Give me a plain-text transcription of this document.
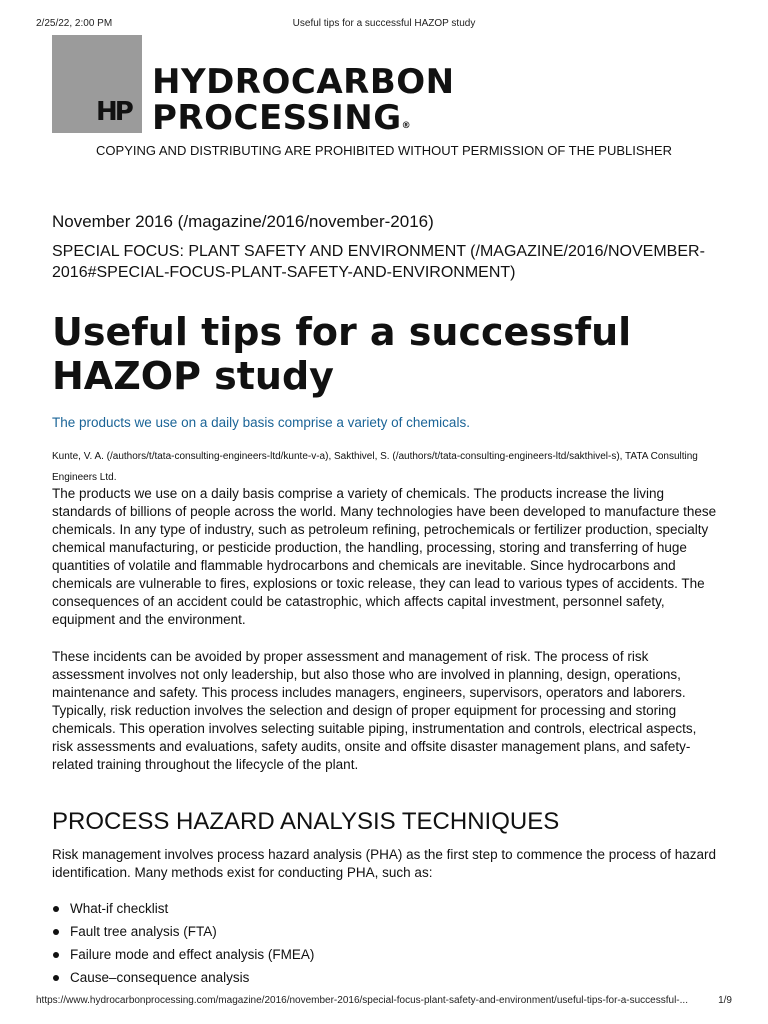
2/25/22, 2:00 PM	Useful tips for a successful HAZOP study
HP
HYDROCARBON
PROCESSING®
COPYING AND DISTRIBUTING ARE PROHIBITED WITHOUT PERMISSION OF THE PUBLISHER
November 2016 (/magazine/2016/november-2016)
SPECIAL FOCUS: PLANT SAFETY AND ENVIRONMENT (/MAGAZINE/2016/NOVEMBER-2016#SPECIAL-FOCUS-PLANT-SAFETY-AND-ENVIRONMENT)
Useful tips for a successful HAZOP study
The products we use on a daily basis comprise a variety of chemicals.
Kunte, V. A. (/authors/t/tata-consulting-engineers-ltd/kunte-v-a), Sakthivel, S. (/authors/t/tata-consulting-engineers-ltd/sakthivel-s), TATA Consulting Engineers Ltd.

The products we use on a daily basis comprise a variety of chemicals. The products increase the living standards of billions of people across the world. Many technologies have been developed to manufacture these chemicals. In any type of industry, such as petroleum refining, petrochemicals or fertilizer production, specialty chemical manufacturing, or pesticide production, the handling, processing, storing and transferring of huge quantities of volatile and flammable hydrocarbons and chemicals are inevitable. Since hydrocarbons and chemicals are vulnerable to fires, explosions or toxic release, they can lead to various types of accidents. The consequences of an accident could be catastrophic, which affects capital investment, personnel safety, equipment and the environment.

These incidents can be avoided by proper assessment and management of risk. The process of risk assessment involves not only leadership, but also those who are involved in planning, design, operations, maintenance and safety. This process includes managers, engineers, supervisors, operators and laborers. Typically, risk reduction involves the selection and design of proper equipment for processing and storing chemicals. This operation involves selecting suitable piping, instrumentation and controls, electrical aspects, risk assessments and evaluations, safety audits, onsite and offsite disaster management plans, and safety-related training throughout the lifecycle of the plant.

PROCESS HAZARD ANALYSIS TECHNIQUES

Risk management involves process hazard analysis (PHA) as the first step to commence the process of hazard identification. Many methods exist for conducting PHA, such as:

What-if checklist
Fault tree analysis (FTA)
Failure mode and effect analysis (FMEA)
Cause–consequence analysis
https://www.hydrocarbonprocessing.com/magazine/2016/november-2016/special-focus-plant-safety-and-environment/useful-tips-for-a-successful-...	1/9
